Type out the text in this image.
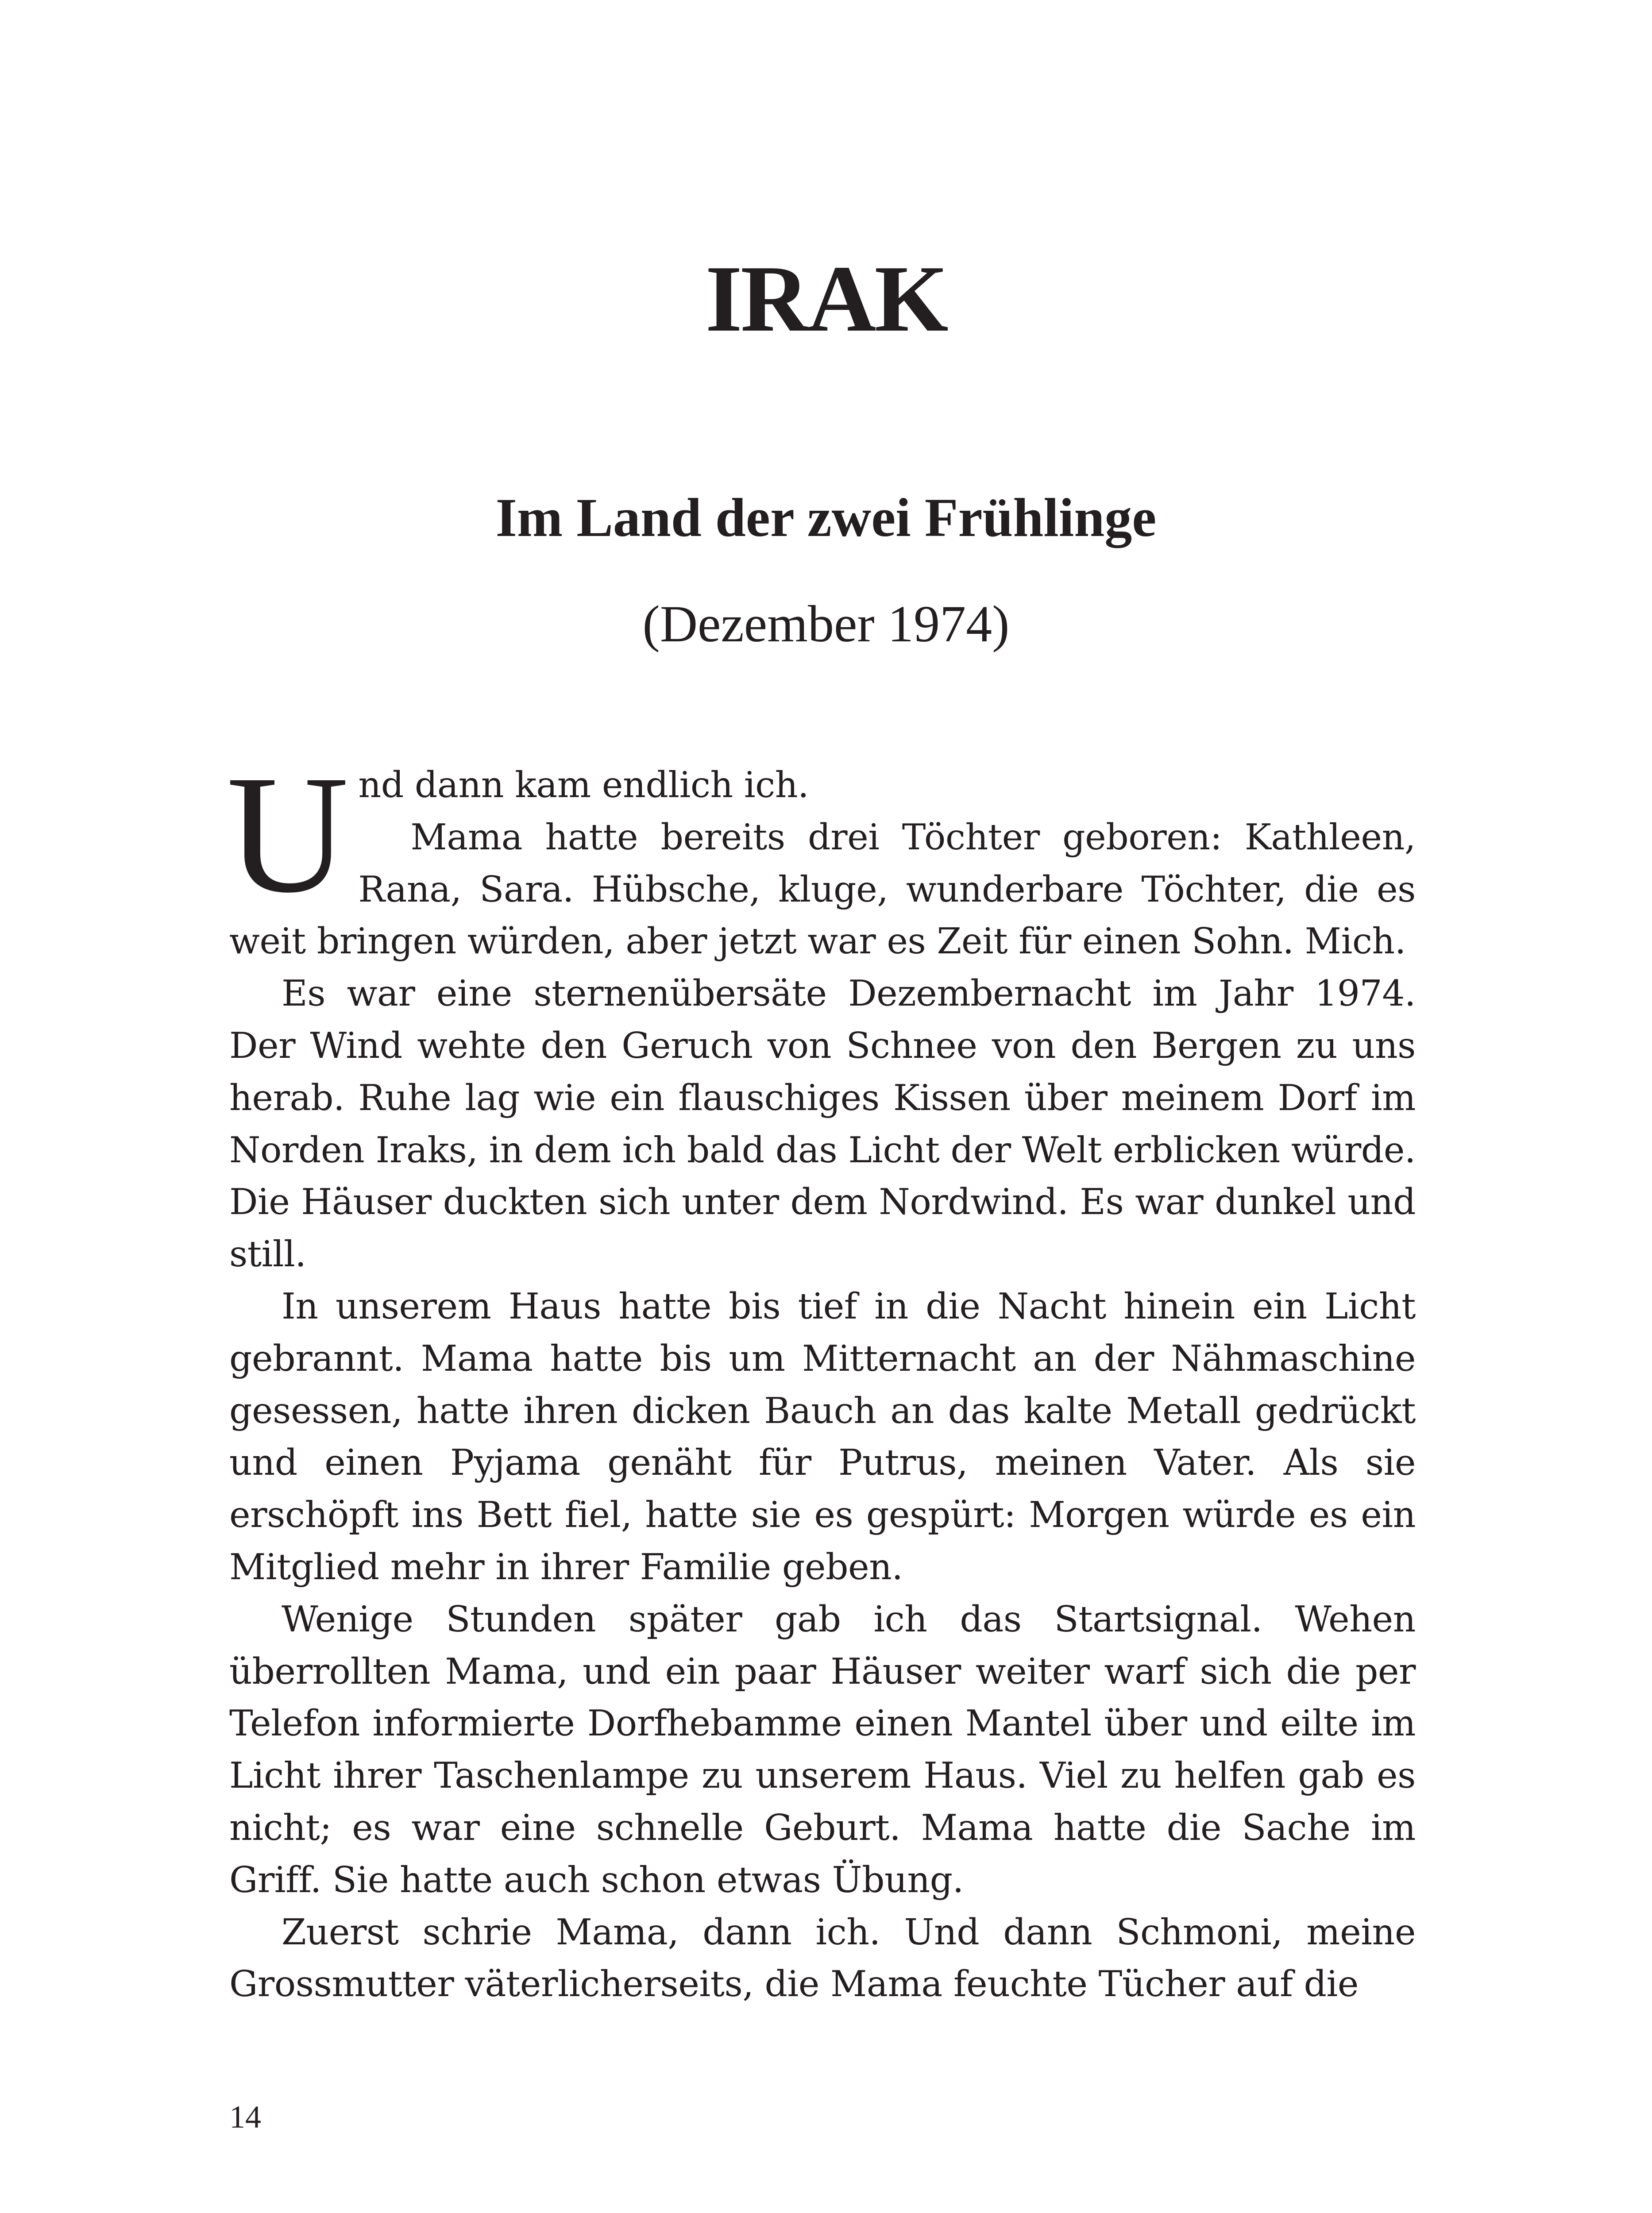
IRAK
Im Land der zwei Frühlinge

(Dezember 1974)

U nd dann kam endlich ich.
Mama hatte bereits drei Töchter geboren: Kathleen, Rana, Sara. Hübsche, kluge, wunderbare Töchter, die es weit bringen würden, aber jetzt war es Zeit für einen Sohn. Mich.

Es war eine sternenübersäte Dezembernacht im Jahr 1974. Der Wind wehte den Geruch von Schnee von den Bergen zu uns herab. Ruhe lag wie ein flauschiges Kissen über meinem Dorf im Norden Iraks, in dem ich bald das Licht der Welt erblicken würde. Die Häuser duckten sich unter dem Nordwind. Es war dunkel und still.

In unserem Haus hatte bis tief in die Nacht hinein ein Licht gebrannt. Mama hatte bis um Mitternacht an der Nähmaschine gesessen, hatte ihren dicken Bauch an das kalte Metall gedrückt und einen Pyjama genäht für Putrus, meinen Vater. Als sie erschöpft ins Bett fiel, hatte sie es gespürt: Morgen würde es ein Mitglied mehr in ihrer Familie geben.

Wenige Stunden später gab ich das Startsignal. Wehen überrollten Mama, und ein paar Häuser weiter warf sich die per Telefon informierte Dorfhebamme einen Mantel über und eilte im Licht ihrer Taschenlampe zu unserem Haus. Viel zu helfen gab es nicht; es war eine schnelle Geburt. Mama hatte die Sache im Griff. Sie hatte auch schon etwas Übung.

Zuerst schrie Mama, dann ich. Und dann Schmoni, meine Grossmutter väterlicherseits, die Mama feuchte Tücher auf die

14
